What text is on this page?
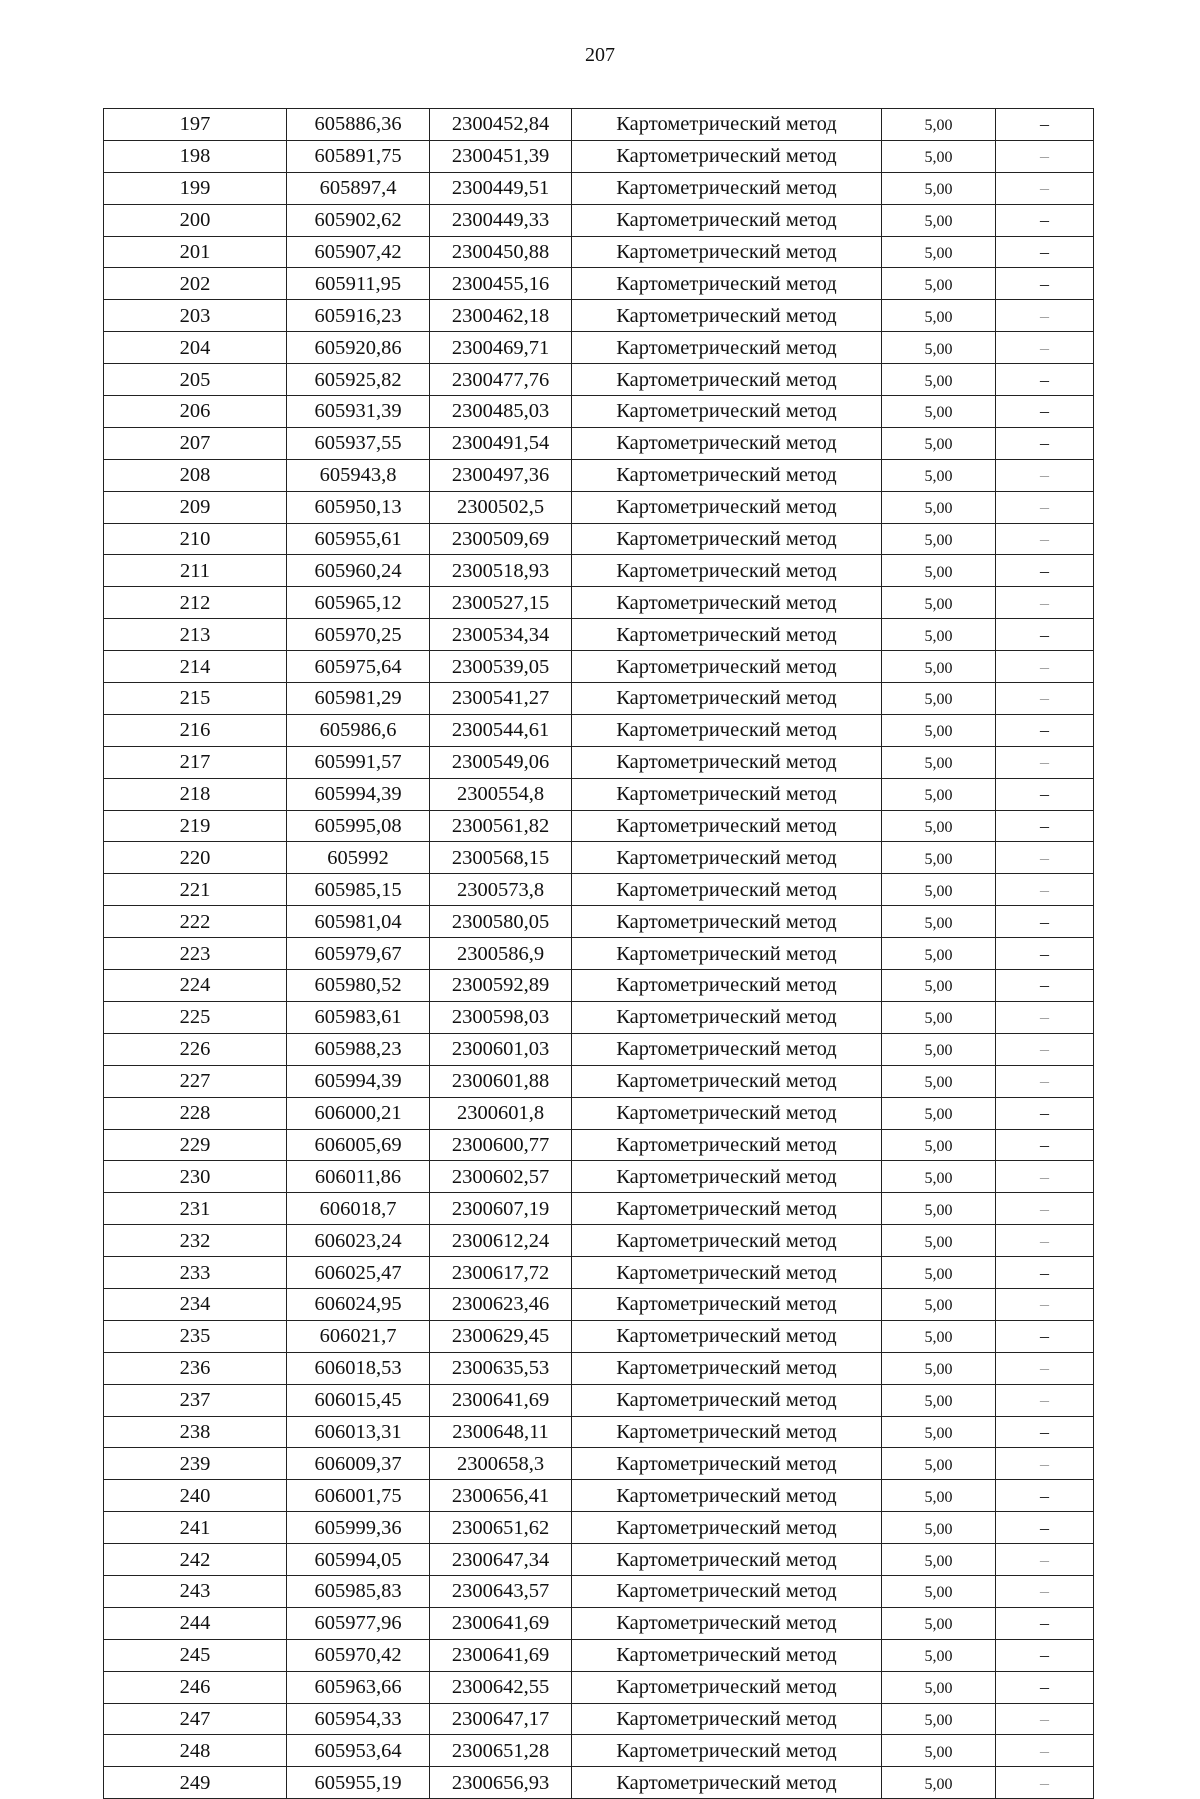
207
197	605886,36	2300452,84	Картометрический метод	5,00	–
198	605891,75	2300451,39	Картометрический метод	5,00	–
199	605897,4	2300449,51	Картометрический метод	5,00	–
200	605902,62	2300449,33	Картометрический метод	5,00	–
201	605907,42	2300450,88	Картометрический метод	5,00	–
202	605911,95	2300455,16	Картометрический метод	5,00	–
203	605916,23	2300462,18	Картометрический метод	5,00	–
204	605920,86	2300469,71	Картометрический метод	5,00	–
205	605925,82	2300477,76	Картометрический метод	5,00	–
206	605931,39	2300485,03	Картометрический метод	5,00	–
207	605937,55	2300491,54	Картометрический метод	5,00	–
208	605943,8	2300497,36	Картометрический метод	5,00	–
209	605950,13	2300502,5	Картометрический метод	5,00	–
210	605955,61	2300509,69	Картометрический метод	5,00	–
211	605960,24	2300518,93	Картометрический метод	5,00	–
212	605965,12	2300527,15	Картометрический метод	5,00	–
213	605970,25	2300534,34	Картометрический метод	5,00	–
214	605975,64	2300539,05	Картометрический метод	5,00	–
215	605981,29	2300541,27	Картометрический метод	5,00	–
216	605986,6	2300544,61	Картометрический метод	5,00	–
217	605991,57	2300549,06	Картометрический метод	5,00	–
218	605994,39	2300554,8	Картометрический метод	5,00	–
219	605995,08	2300561,82	Картометрический метод	5,00	–
220	605992	2300568,15	Картометрический метод	5,00	–
221	605985,15	2300573,8	Картометрический метод	5,00	–
222	605981,04	2300580,05	Картометрический метод	5,00	–
223	605979,67	2300586,9	Картометрический метод	5,00	–
224	605980,52	2300592,89	Картометрический метод	5,00	–
225	605983,61	2300598,03	Картометрический метод	5,00	–
226	605988,23	2300601,03	Картометрический метод	5,00	–
227	605994,39	2300601,88	Картометрический метод	5,00	–
228	606000,21	2300601,8	Картометрический метод	5,00	–
229	606005,69	2300600,77	Картометрический метод	5,00	–
230	606011,86	2300602,57	Картометрический метод	5,00	–
231	606018,7	2300607,19	Картометрический метод	5,00	–
232	606023,24	2300612,24	Картометрический метод	5,00	–
233	606025,47	2300617,72	Картометрический метод	5,00	–
234	606024,95	2300623,46	Картометрический метод	5,00	–
235	606021,7	2300629,45	Картометрический метод	5,00	–
236	606018,53	2300635,53	Картометрический метод	5,00	–
237	606015,45	2300641,69	Картометрический метод	5,00	–
238	606013,31	2300648,11	Картометрический метод	5,00	–
239	606009,37	2300658,3	Картометрический метод	5,00	–
240	606001,75	2300656,41	Картометрический метод	5,00	–
241	605999,36	2300651,62	Картометрический метод	5,00	–
242	605994,05	2300647,34	Картометрический метод	5,00	–
243	605985,83	2300643,57	Картометрический метод	5,00	–
244	605977,96	2300641,69	Картометрический метод	5,00	–
245	605970,42	2300641,69	Картометрический метод	5,00	–
246	605963,66	2300642,55	Картометрический метод	5,00	–
247	605954,33	2300647,17	Картометрический метод	5,00	–
248	605953,64	2300651,28	Картометрический метод	5,00	–
249	605955,19	2300656,93	Картометрический метод	5,00	–
